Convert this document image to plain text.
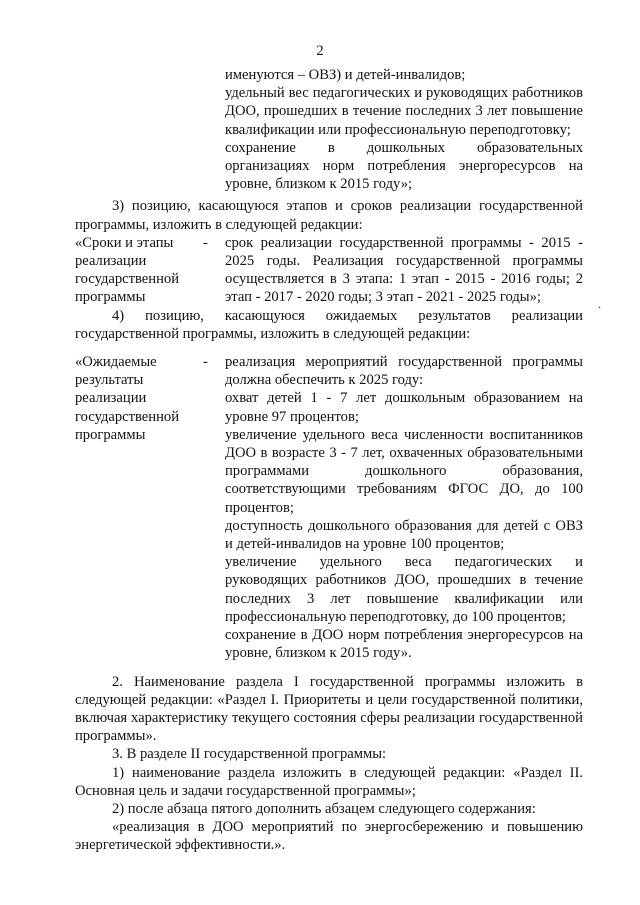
2

именуются – ОВЗ) и детей-инвалидов;

удельный вес педагогических и руководящих работников ДОО, прошедших в течение последних 3 лет повышение квалификации или профессиональную переподготовку;

сохранение в дошкольных образовательных организациях норм потребления энергоресурсов на уровне, близком к 2015 году»;

3) позицию, касающуюся этапов и сроков реализации государственной программы, изложить в следующей редакции:

«Сроки и этапы реализации государственной программы
-	срок реализации государственной программы - 2015 - 2025 годы. Реализация государственной программы осуществляется в 3 этапа: 1 этап - 2015 - 2016 годы; 2 этап - 2017 - 2020 годы; 3 этап - 2021 - 2025 годы»;

4) позицию, касающуюся ожидаемых результатов реализации государственной программы, изложить в следующей редакции:

«Ожидаемые результаты реализации государственной программы
-	реализация мероприятий государственной программы должна обеспечить к 2025 году:

охват детей 1 - 7 лет дошкольным образованием на уровне 97 процентов;

увеличение удельного веса численности воспитанников ДОО в возрасте 3 - 7 лет, охваченных образовательными программами дошкольного образования, соответствующими требованиям ФГОС ДО, до 100 процентов;

доступность дошкольного образования для детей с ОВЗ и детей-инвалидов на уровне 100 процентов;

увеличение удельного веса педагогических и руководящих работников ДОО, прошедших в течение последних 3 лет повышение квалификации или профессиональную переподготовку, до 100 процентов;

сохранение в ДОО норм потребления энергоресурсов на уровне, близком к 2015 году».

2. Наименование раздела I государственной программы изложить в следующей редакции: «Раздел I. Приоритеты и цели государственной политики, включая характеристику текущего состояния сферы реализации государственной программы».

3. В разделе II государственной программы:

1) наименование раздела изложить в следующей редакции: «Раздел II. Основная цель и задачи государственной программы»;

2) после абзаца пятого дополнить абзацем следующего содержания:

«реализация в ДОО мероприятий по энергосбережению и повышению энергетической эффективности.».

·
